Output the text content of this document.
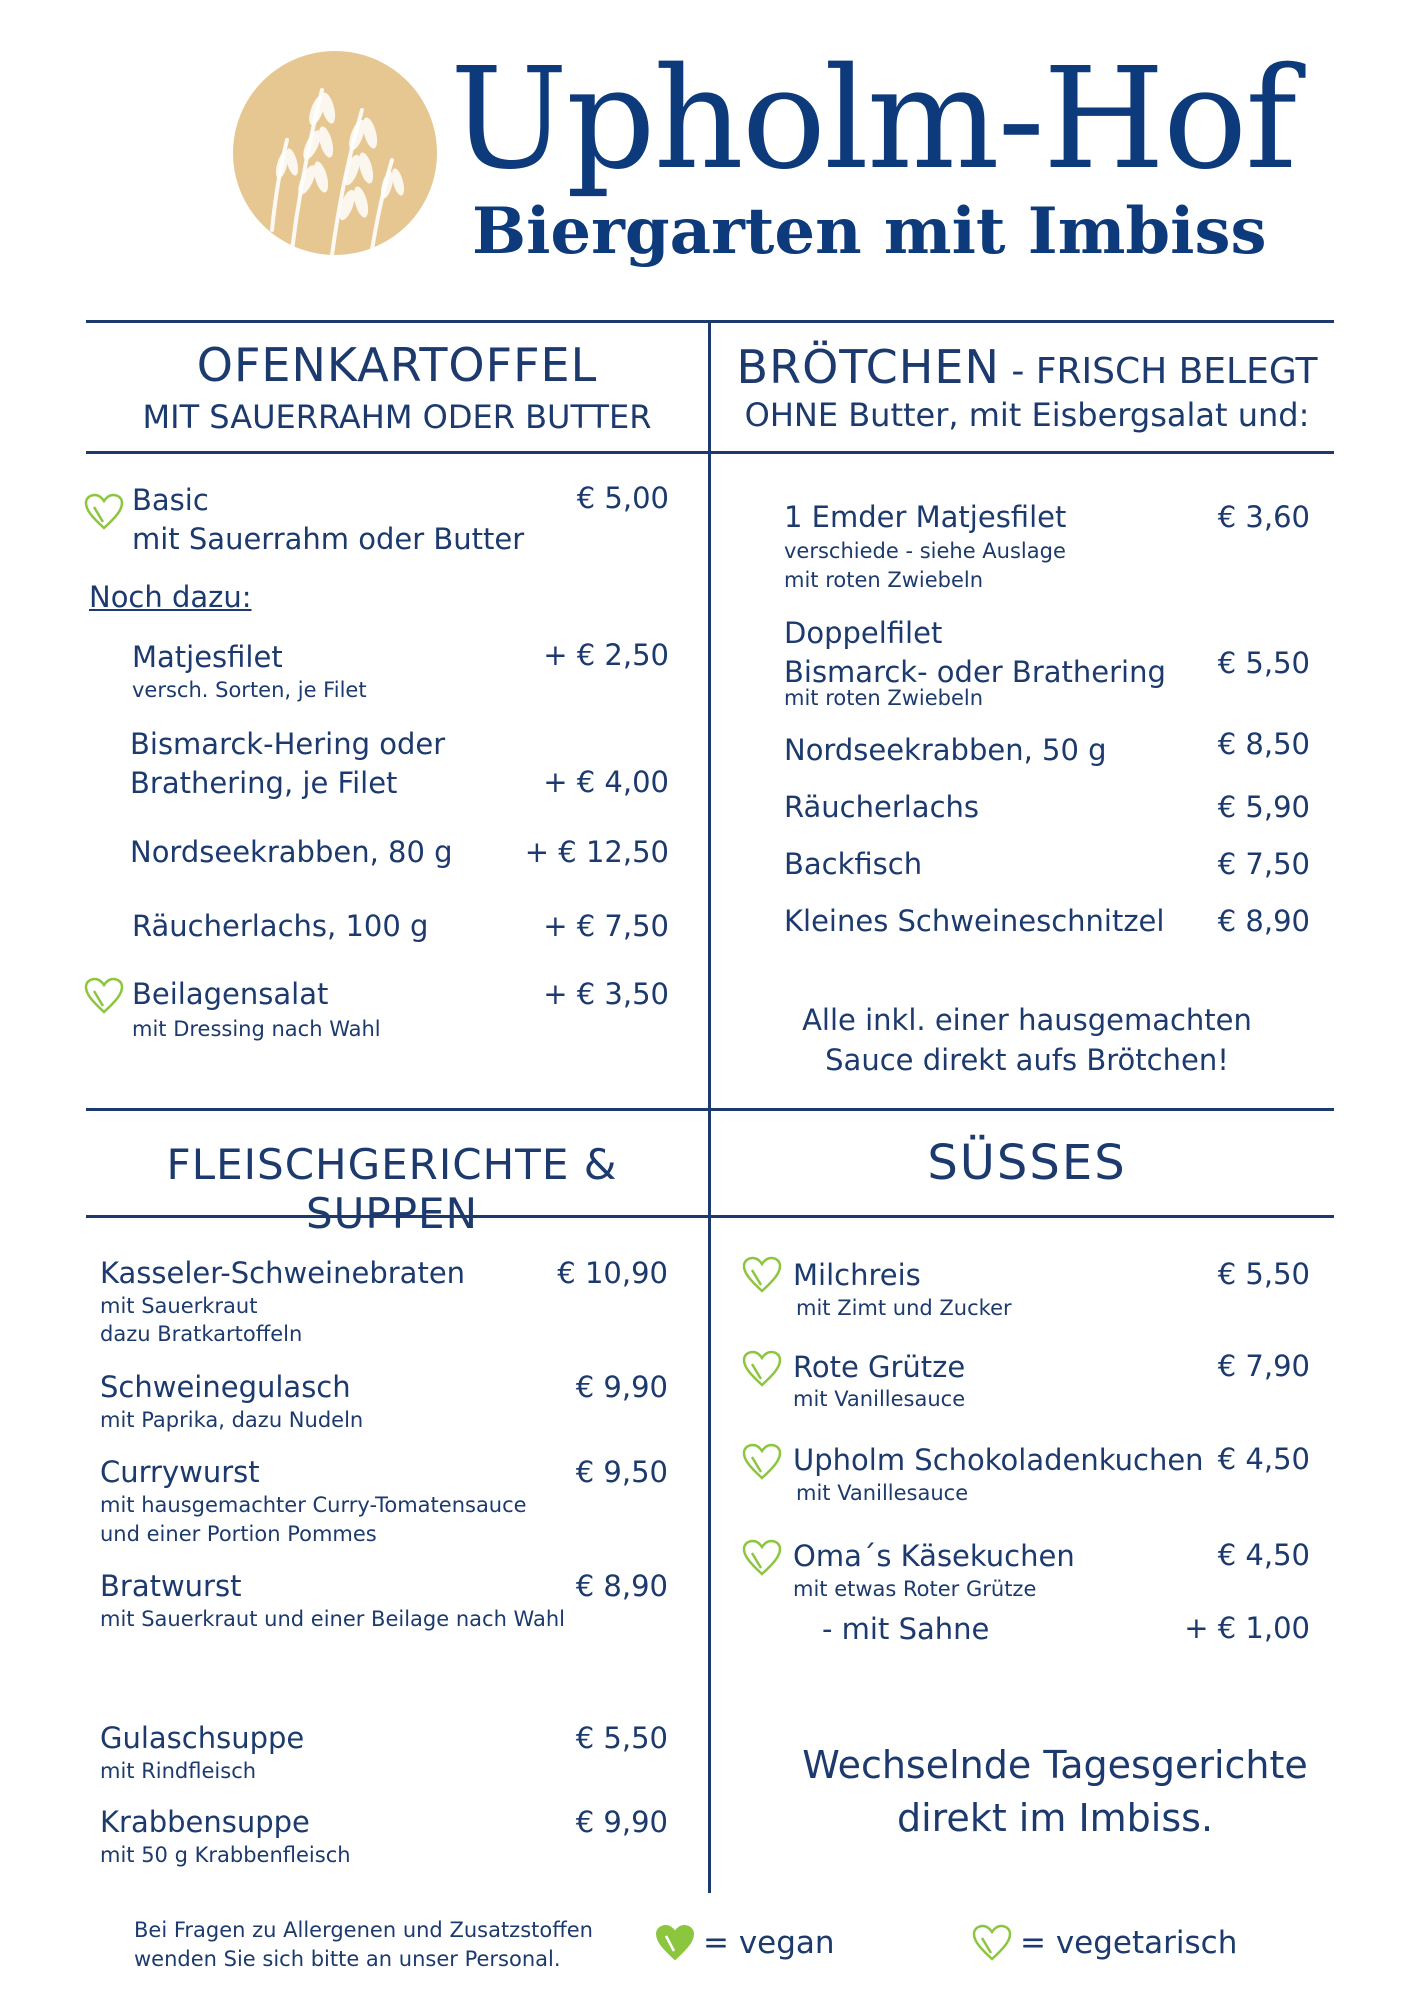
Upholm-Hof
Biergarten mit Imbiss
OFENKARTOFFEL
MIT SAUERRAHM ODER BUTTER
Basic
mit Sauerrahm oder Butter
€ 5,00
Noch dazu:
Matjesfilet
versch. Sorten, je Filet
+ € 2,50
Bismarck-Hering oder
Brathering, je Filet	+ € 4,00
Nordseekrabben, 80 g + € 12,50
Räucherlachs, 100 g	+ € 7,50
Beilagensalat
mit Dressing nach Wahl
+ € 3,50
BRÖTCHEN - FRISCH BELEGT
OHNE Butter, mit Eisbergsalat und:
1 Emder Matjesfilet
verschiede - siehe Auslage
mit roten Zwiebeln
€ 3,60
Doppelfilet
Bismarck- oder Brathering
mit roten Zwiebeln
€ 5,50
Nordseekrabben, 50 g	€ 8,50
Räucherlachs	€ 5,90
Backfisch	€ 7,50
Kleines Schweineschnitzel € 8,90
Alle inkl. einer hausgemachten
Sauce direkt aufs Brötchen!
FLEISCHGERICHTE & SUPPEN
Kasseler-Schweinebraten
mit Sauerkraut
dazu Bratkartoffeln
€ 10,90
Schweinegulasch
mit Paprika, dazu Nudeln
€ 9,90
Currywurst
mit hausgemachter Curry-Tomatensauce
und einer Portion Pommes
€ 9,50
Bratwurst
mit Sauerkraut und einer Beilage nach Wahl
€ 8,90
Gulaschsuppe
mit Rindfleisch
€ 5,50
Krabbensuppe
mit 50 g Krabbenfleisch
€ 9,90
SÜSSES
Milchreis
mit Zimt und Zucker
€ 5,50
Rote Grütze
mit Vanillesauce
€ 7,90
Upholm Schokoladenkuchen
mit Vanillesauce
€ 4,50
Oma´s Käsekuchen
mit etwas Roter Grütze
€ 4,50
- mit Sahne	+ € 1,00
Wechselnde Tagesgerichte
direkt im Imbiss.
Bei Fragen zu Allergenen und Zusatzstoffen
wenden Sie sich bitte an unser Personal.	= vegan	= vegetarisch
